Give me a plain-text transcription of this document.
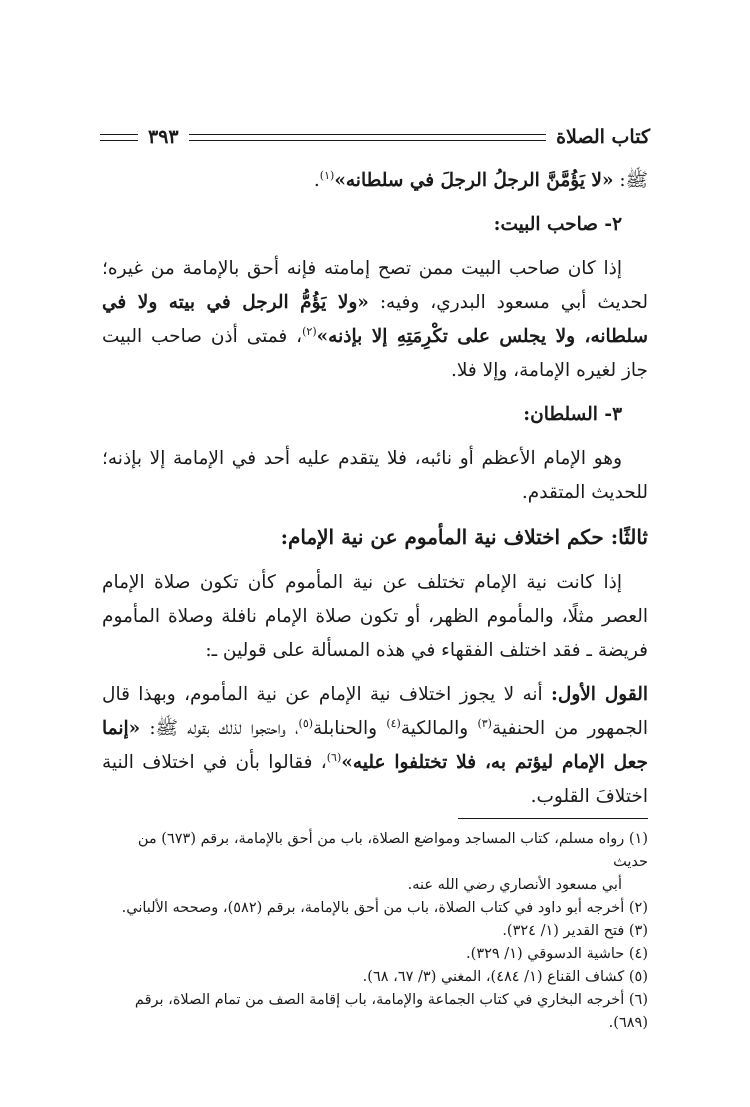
كتاب الصلاة
٣٩٣

ﷺ: «لا يَؤُمَّنَّ الرجلُ الرجلَ في سلطانه»$^{(١)}$.

٢- صاحب البيت:

إذا كان صاحب البيت ممن تصح إمامته فإنه أحق بالإمامة من غيره؛ لحديث أبي مسعود البدري، وفيه: «ولا يَؤُمُّ الرجل في بيته ولا في سلطانه، ولا يجلس على تكْرِمَتِهِ إلا بإذنه»$^{(٢)}$، فمتى أذن صاحب البيت جاز لغيره الإمامة، وإلا فلا.

٣- السلطان:

وهو الإمام الأعظم أو نائبه، فلا يتقدم عليه أحد في الإمامة إلا بإذنه؛ للحديث المتقدم.

ثالثًا: حكم اختلاف نية المأموم عن نية الإمام:

إذا كانت نية الإمام تختلف عن نية المأموم كأن تكون صلاة الإمام العصر مثلًا، والمأموم الظهر، أو تكون صلاة الإمام نافلة وصلاة المأموم فريضة ـ فقد اختلف الفقهاء في هذه المسألة على قولين ـ:

القول الأول: أنه لا يجوز اختلاف نية الإمام عن نية المأموم، وبهذا قال الجمهور من الحنفية$^{(٣)}$ والمالكية$^{(٤)}$ والحنابلة$^{(٥)}$، واحتجوا لذلك بقوله ﷺ: «إنما جعل الإمام ليؤتم به، فلا تختلفوا عليه»$^{(٦)}$، فقالوا بأن في اختلاف النية اختلافَ القلوب.

(١) رواه مسلم، كتاب المساجد ومواضع الصلاة، باب من أحق بالإمامة، برقم (٦٧٣) من حديث

أبي مسعود الأنصاري رضي الله عنه.

(٢) أخرجه أبو داود في كتاب الصلاة، باب من أحق بالإمامة، برقم (٥٨٢)، وصححه الألباني.

(٣) فتح القدير (١/ ٣٢٤).

(٤) حاشية الدسوقي (١/ ٣٢٩).

(٥) كشاف القناع (١/ ٤٨٤)، المغني (٣/ ٦٧، ٦٨).

(٦) أخرجه البخاري في كتاب الجماعة والإمامة، باب إقامة الصف من تمام الصلاة، برقم (٦٨٩).
